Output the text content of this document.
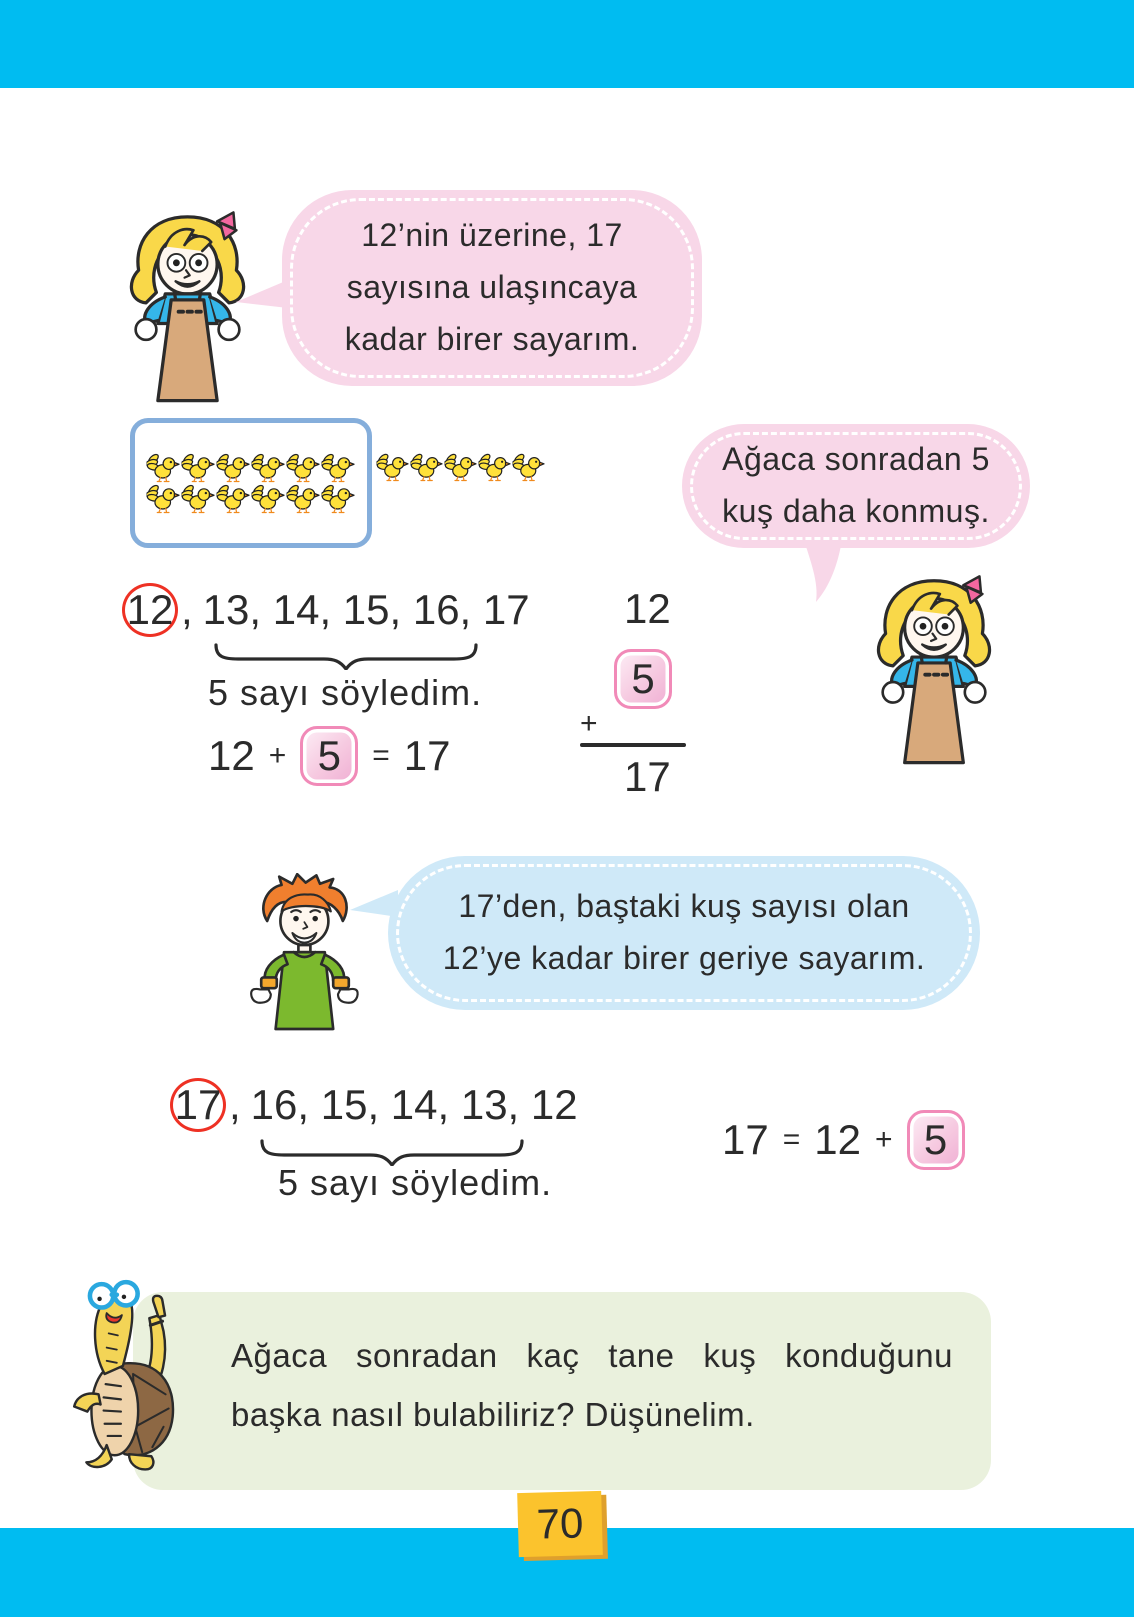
12’nin üzerine, 17 sayısına ulaşıncaya kadar birer sayarım.
Ağaca sonradan 5 kuş daha konmuş.
12 , 13, 14, 15, 16, 17
5 sayı söyledim.
12 + 5	= 17
12
5
+
17
17’den, baştaki kuş sayısı olan 12’ye kadar birer geriye sayarım.
17 , 16, 15, 14, 13, 12
5 sayı söyledim.
17 = 12 + 5
Ağaca sonradan kaç tane kuş konduğunu başka nasıl bulabiliriz? Düşünelim.
70
